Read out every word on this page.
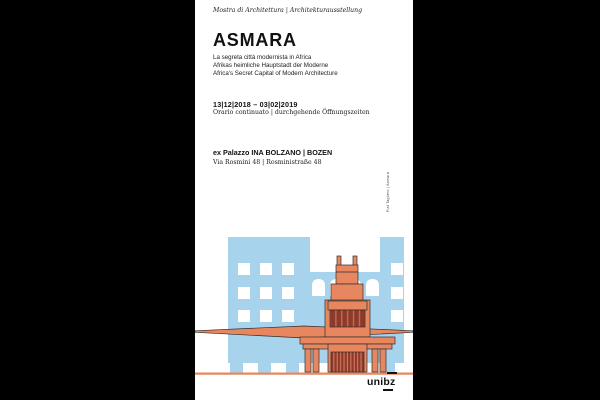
Mostra di Architettura | Architekturausstellung
ASMARA
La segreta città modernista in Africa
Afrikas heimliche Hauptstadt der Moderne
Africa's Secret Capital of Modern Architecture
13|12|2018 – 03|02|2019
Orario continuato | durchgehende Öffnungszeiten
ex Palazzo INA BOLZANO | BOZEN
Via Rosmini 48 | Rosministraße 48
Fiat Tagliero | Asmara
unibz
